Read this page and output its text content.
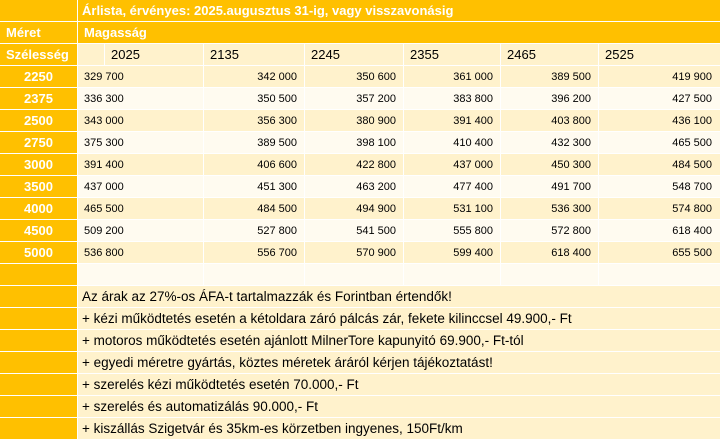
Árlista, érvényes: 2025.augusztus 31-ig, vagy visszavonásig
Méret	Magasság
Szélesség	2025	2135	2245	2355	2465	2525
2250	329 700	342 000	350 600	361 000	389 500	419 900
2375	336 300	350 500	357 200	383 800	396 200	427 500
2500	343 000	356 300	380 900	391 400	403 800	436 100
2750	375 300	389 500	398 100	410 400	432 300	465 500
3000	391 400	406 600	422 800	437 000	450 300	484 500
3500	437 000	451 300	463 200	477 400	491 700	548 700
4000	465 500	484 500	494 900	531 100	536 300	574 800
4500	509 200	527 800	541 500	555 800	572 800	618 400
5000	536 800	556 700	570 900	599 400	618 400	655 500
Az árak az 27%-os ÁFA-t tartalmazzák és Forintban értendők!
+ kézi működtetés esetén a kétoldara záró pálcás zár, fekete kilinccsel 49.900,- Ft
+ motoros működtetés esetén ajánlott MilnerTore kapunyitó 69.900,- Ft-tól
+ egyedi méretre gyártás, köztes méretek áráról kérjen tájékoztatást!
+ szerelés kézi működtetés esetén 70.000,- Ft
+ szerelés és automatizálás 90.000,- Ft
+ kiszállás Szigetvár és 35km-es körzetben ingyenes, 150Ft/km
